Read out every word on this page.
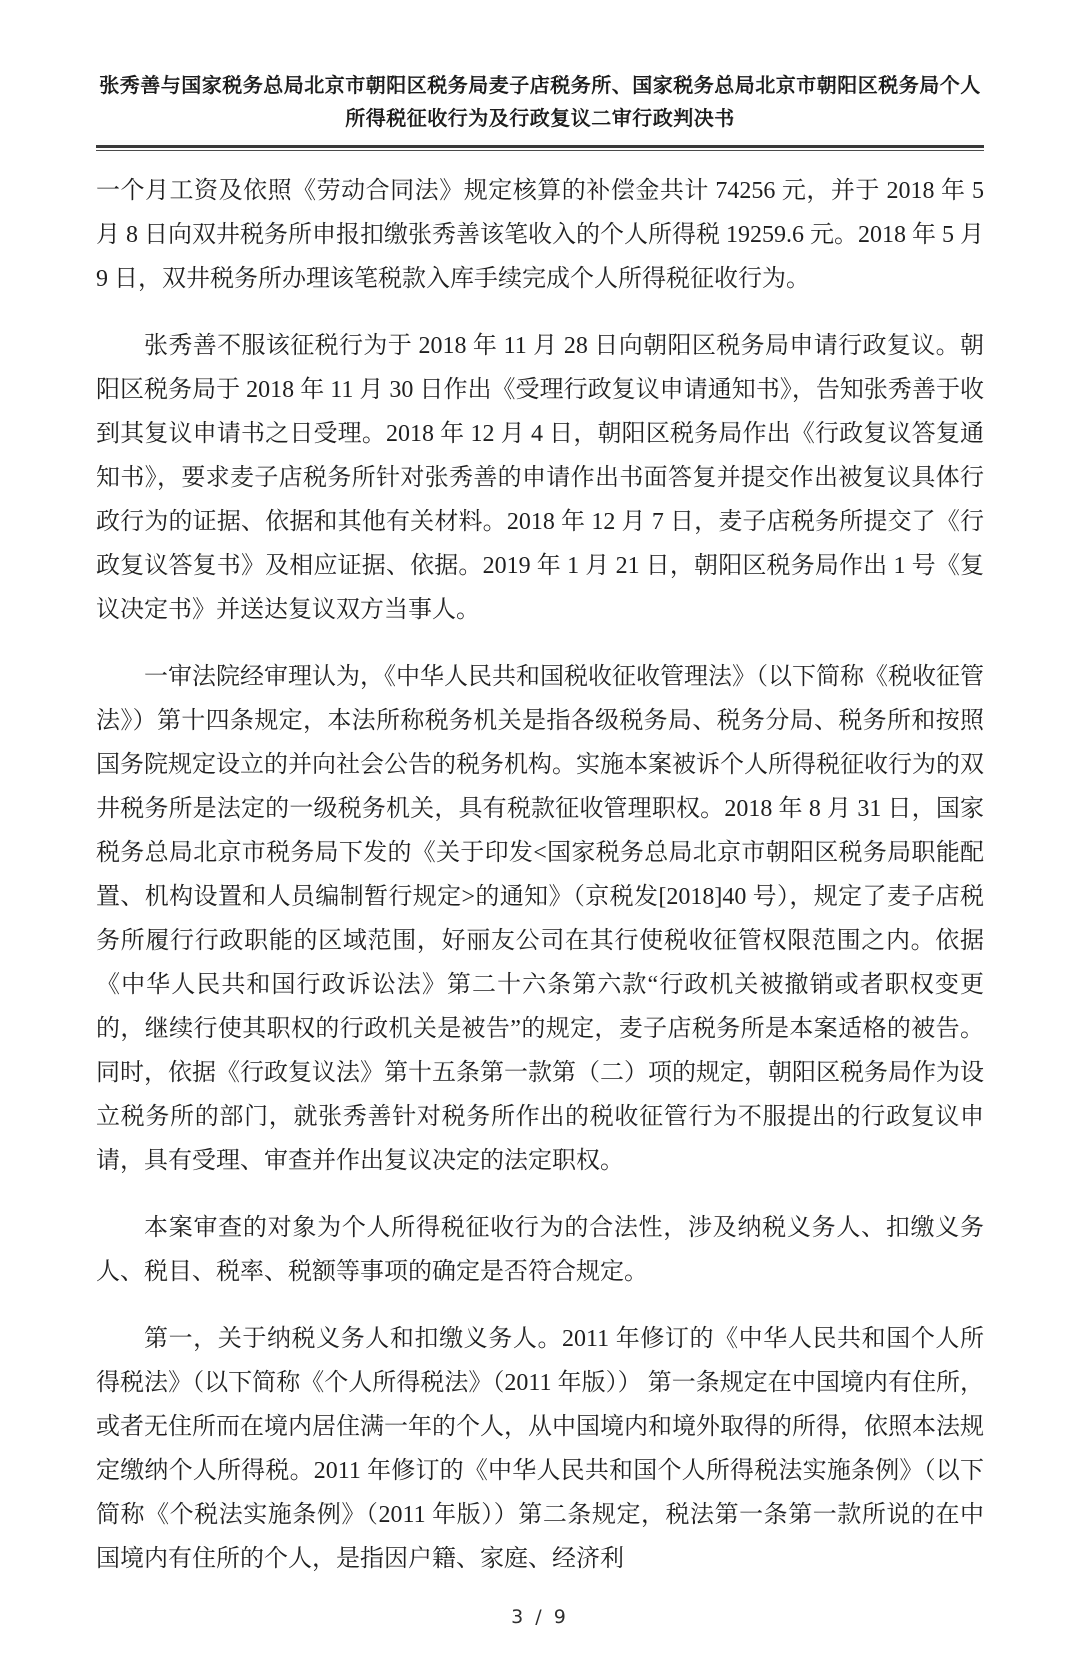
张秀善与国家税务总局北京市朝阳区税务局麦子店税务所、国家税务总局北京市朝阳区税务局个人所得税征收行为及行政复议二审行政判决书

一个月工资及依照《劳动合同法》规定核算的补偿金共计 74256 元，并于 2018 年 5 月 8 日向双井税务所申报扣缴张秀善该笔收入的个人所得税 19259.6 元。2018 年 5 月 9 日，双井税务所办理该笔税款入库手续完成个人所得税征收行为。

张秀善不服该征税行为于 2018 年 11 月 28 日向朝阳区税务局申请行政复议。朝阳区税务局于 2018 年 11 月 30 日作出《受理行政复议申请通知书》，告知张秀善于收到其复议申请书之日受理。2018 年 12 月 4 日，朝阳区税务局作出《行政复议答复通知书》，要求麦子店税务所针对张秀善的申请作出书面答复并提交作出被复议具体行政行为的证据、依据和其他有关材料。2018 年 12 月 7 日，麦子店税务所提交了《行政复议答复书》及相应证据、依据。2019 年 1 月 21 日，朝阳区税务局作出 1 号《复议决定书》并送达复议双方当事人。

一审法院经审理认为，《中华人民共和国税收征收管理法》（以下简称《税收征管法》）第十四条规定，本法所称税务机关是指各级税务局、税务分局、税务所和按照国务院规定设立的并向社会公告的税务机构。实施本案被诉个人所得税征收行为的双井税务所是法定的一级税务机关，具有税款征收管理职权。2018 年 8 月 31 日，国家税务总局北京市税务局下发的《关于印发<国家税务总局北京市朝阳区税务局职能配置、机构设置和人员编制暂行规定>的通知》（京税发[2018]40 号），规定了麦子店税务所履行行政职能的区域范围，好丽友公司在其行使税收征管权限范围之内。依据《中华人民共和国行政诉讼法》第二十六条第六款“行政机关被撤销或者职权变更的，继续行使其职权的行政机关是被告”的规定，麦子店税务所是本案适格的被告。同时，依据《行政复议法》第十五条第一款第（二）项的规定，朝阳区税务局作为设立税务所的部门，就张秀善针对税务所作出的税收征管行为不服提出的行政复议申请，具有受理、审查并作出复议决定的法定职权。

本案审查的对象为个人所得税征收行为的合法性，涉及纳税义务人、扣缴义务人、税目、税率、税额等事项的确定是否符合规定。

第一，关于纳税义务人和扣缴义务人。2011 年修订的《中华人民共和国个人所得税法》（以下简称《个人所得税法》（2011 年版）） 第一条规定在中国境内有住所，或者无住所而在境内居住满一年的个人，从中国境内和境外取得的所得，依照本法规定缴纳个人所得税。2011 年修订的《中华人民共和国个人所得税法实施条例》（以下简称《个税法实施条例》（2011 年版））第二条规定，税法第一条第一款所说的在中国境内有住所的个人，是指因户籍、家庭、经济利

3 / 9
